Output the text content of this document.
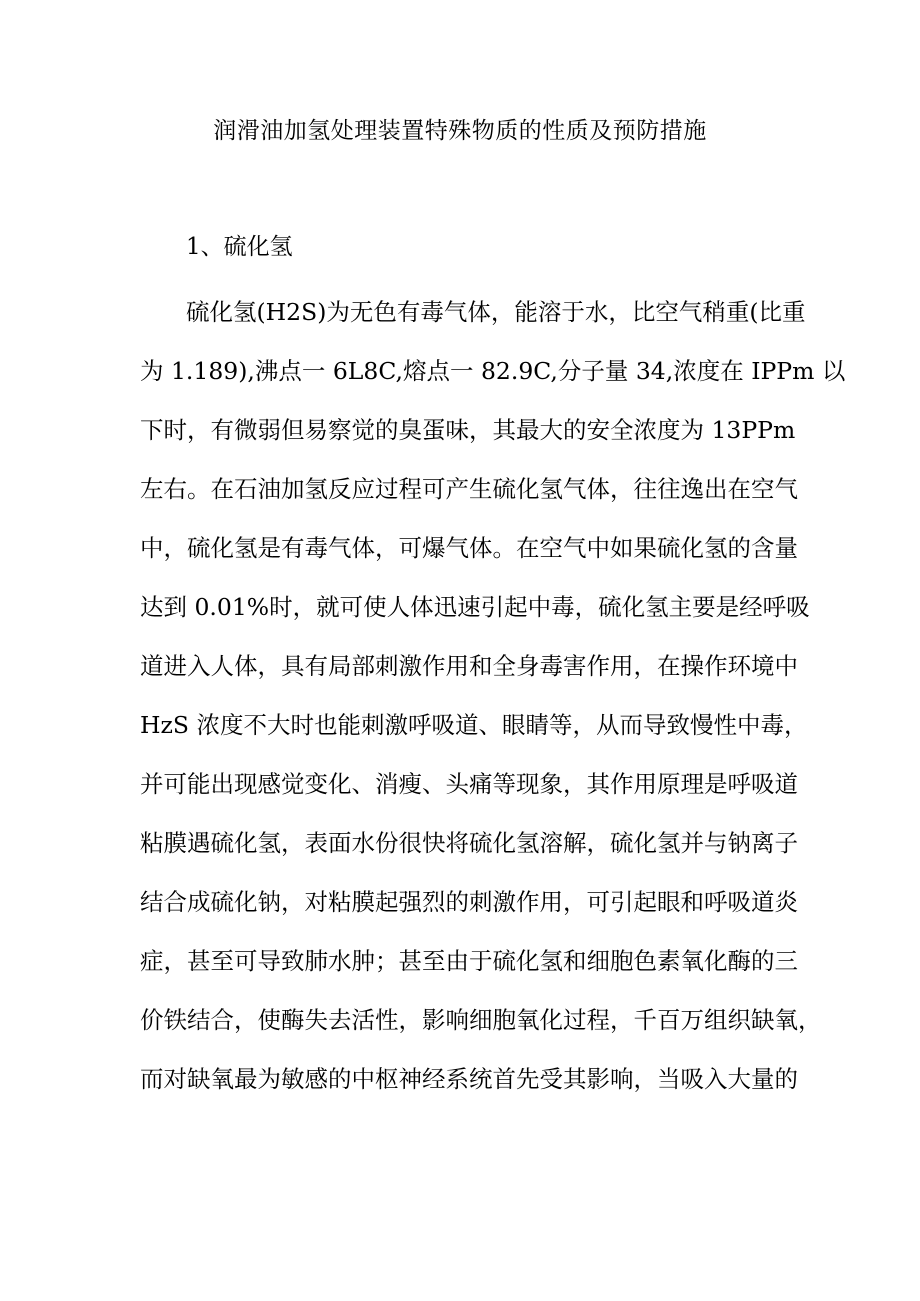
润滑油加氢处理装置特殊物质的性质及预防措施
1、硫化氢
硫化氢(H2S)为无色有毒气体，能溶于水，比空气稍重(比重
为 1.189),沸点一 6L8C,熔点一 82.9C,分子量 34,浓度在 IPPm 以
下时，有微弱但易察觉的臭蛋味，其最大的安全浓度为 13PPm
左右。在石油加氢反应过程可产生硫化氢气体，往往逸出在空气
中，硫化氢是有毒气体，可爆气体。在空气中如果硫化氢的含量
达到 0.01%时，就可使人体迅速引起中毒，硫化氢主要是经呼吸
道进入人体，具有局部刺激作用和全身毒害作用，在操作环境中
HzS 浓度不大时也能刺激呼吸道、眼睛等，从而导致慢性中毒，
并可能出现感觉变化、消瘦、头痛等现象，其作用原理是呼吸道
粘膜遇硫化氢，表面水份很快将硫化氢溶解，硫化氢并与钠离子
结合成硫化钠，对粘膜起强烈的刺激作用，可引起眼和呼吸道炎
症，甚至可导致肺水肿；甚至由于硫化氢和细胞色素氧化酶的三
价铁结合，使酶失去活性，影响细胞氧化过程，千百万组织缺氧，
而对缺氧最为敏感的中枢神经系统首先受其影响，当吸入大量的
